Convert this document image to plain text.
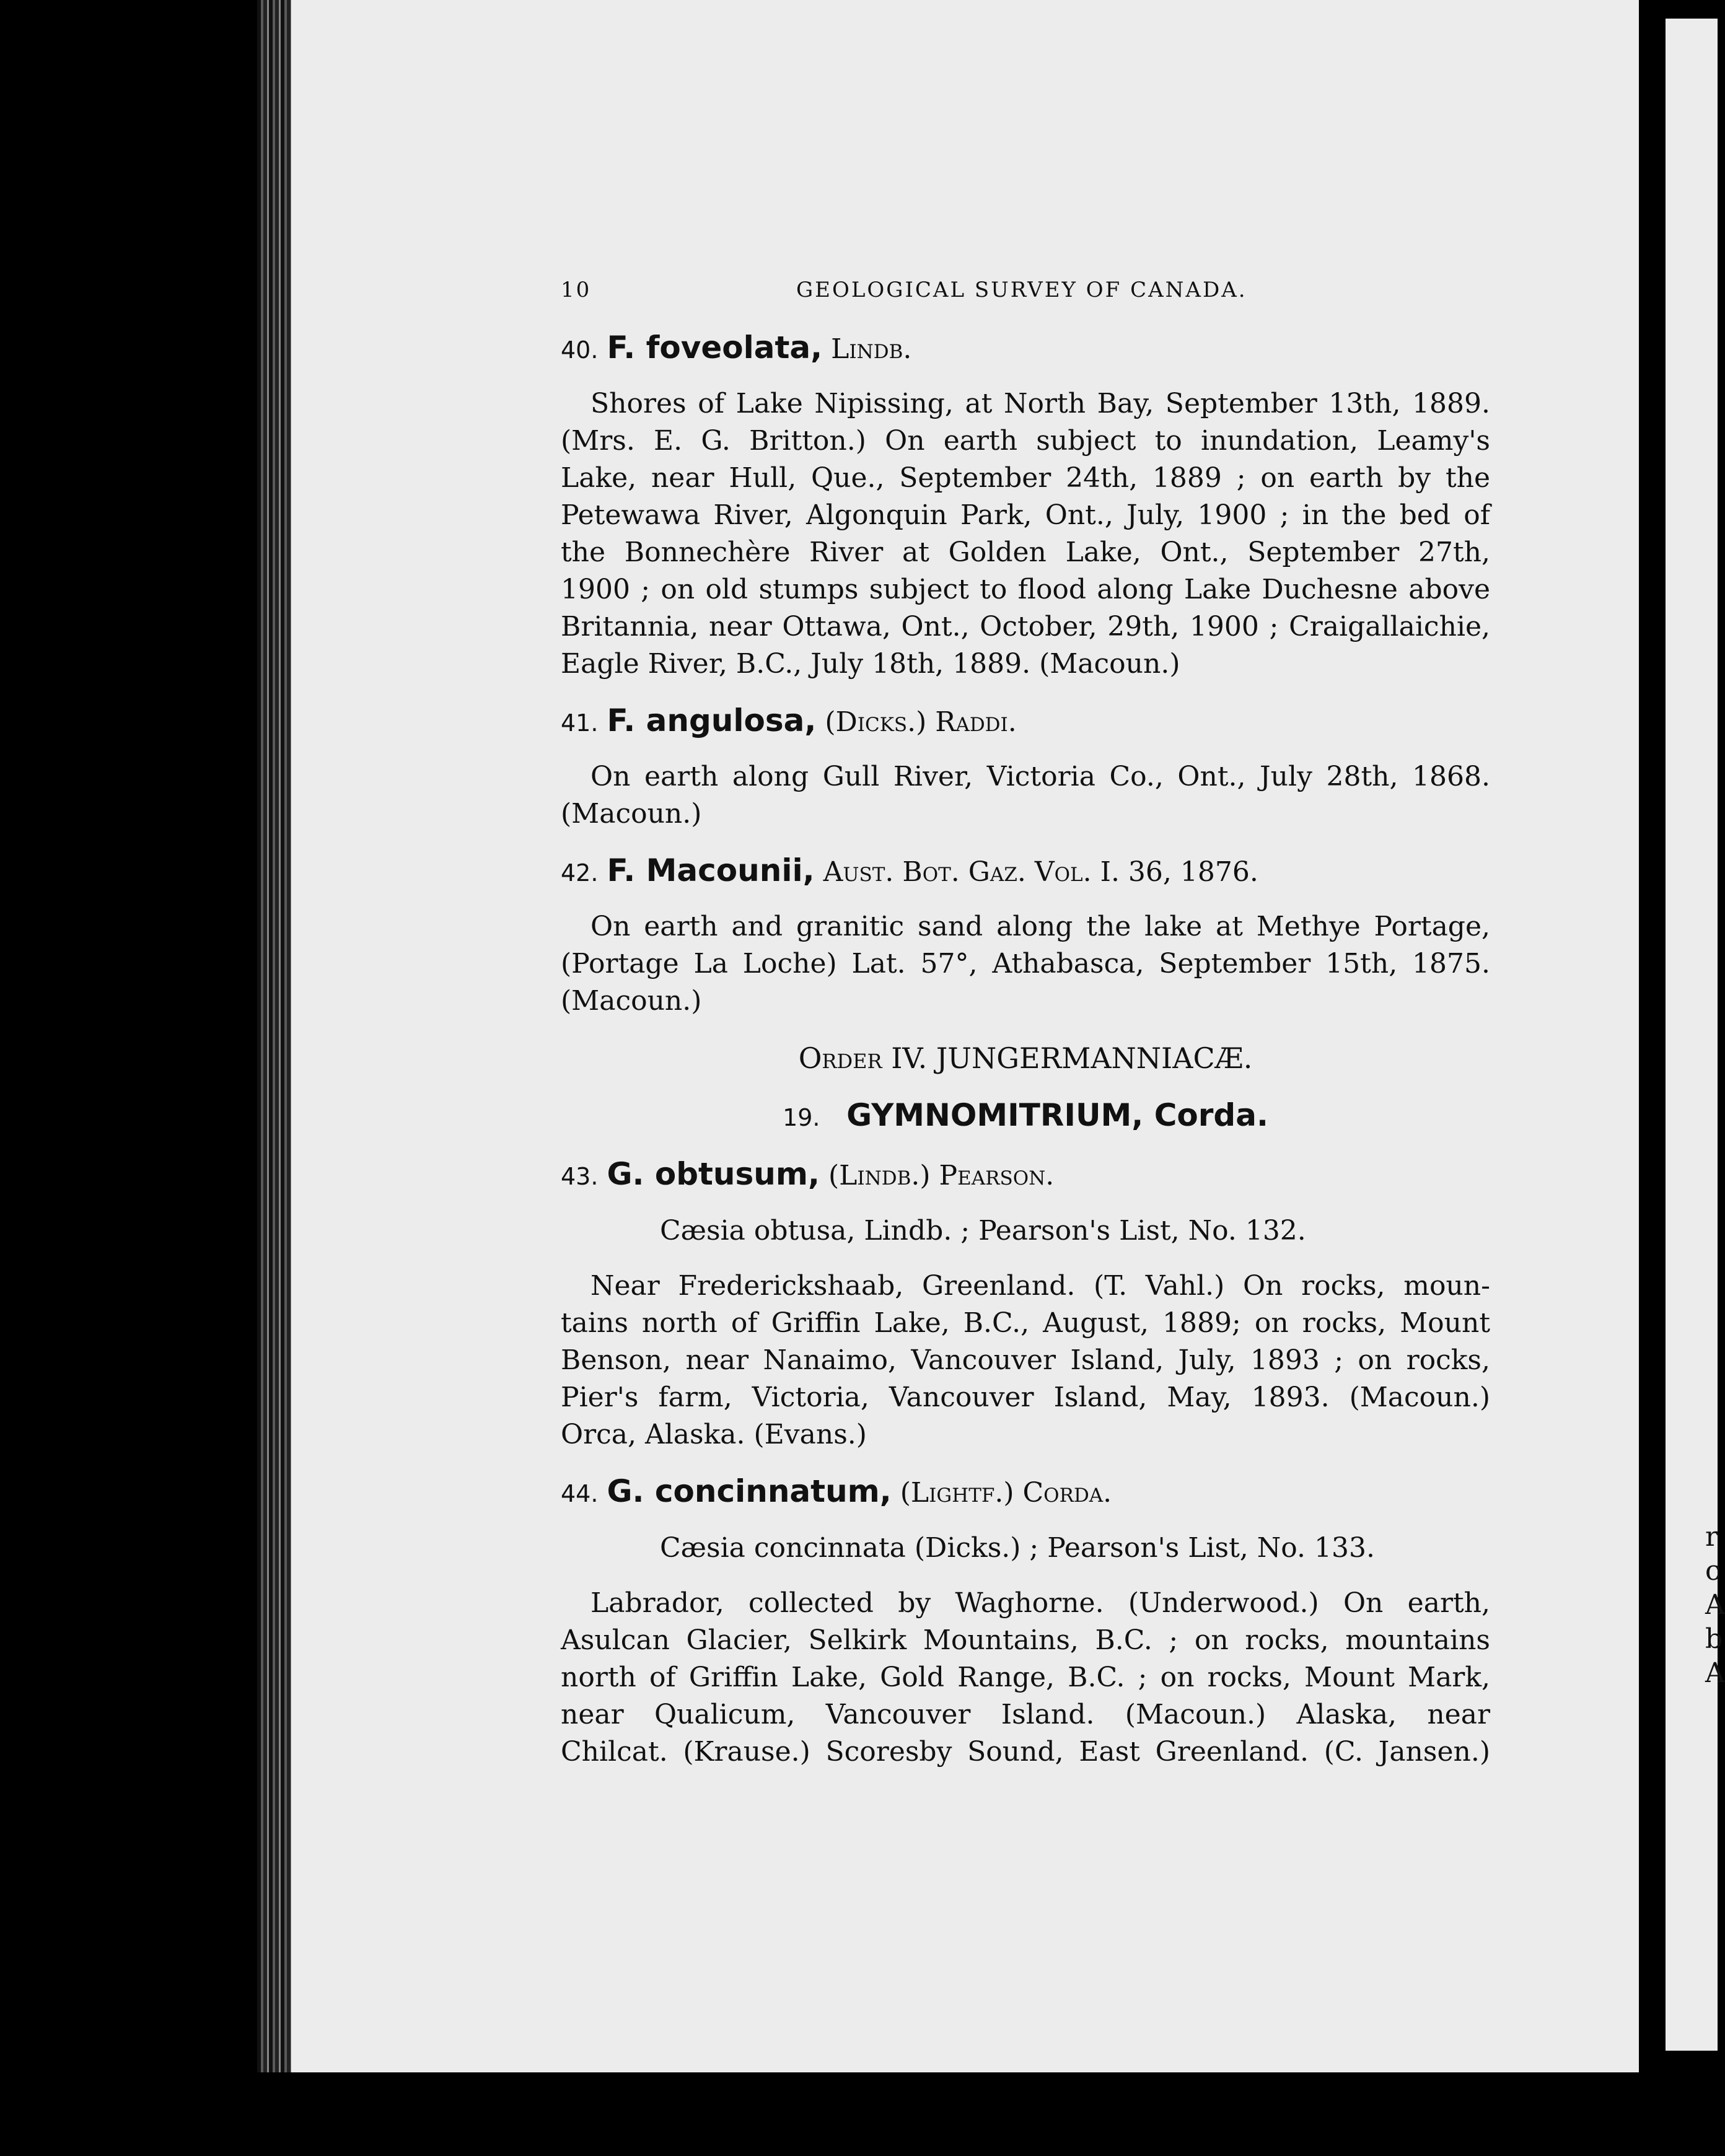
r
c
A
b
A
10	GEOLOGICAL SURVEY OF CANADA.
40. F. foveolata, Lindb.
Shores of Lake Nipissing, at North Bay, September 13th, 1889.
(Mrs. E. G. Britton.) On earth subject to inundation, Leamy's
Lake, near Hull, Que., September 24th, 1889 ; on earth by the
Petewawa River, Algonquin Park, Ont., July, 1900 ; in the bed of
the Bonnechère River at Golden Lake, Ont., September 27th,
1900 ; on old stumps subject to flood along Lake Duchesne above
Britannia, near Ottawa, Ont., October, 29th, 1900 ; Craigallaichie,
Eagle River, B.C., July 18th, 1889. (Macoun.)
41. F. angulosa, (Dicks.) Raddi.
On earth along Gull River, Victoria Co., Ont., July 28th, 1868.
(Macoun.)
42. F. Macounii, Aust. Bot. Gaz. Vol. I. 36, 1876.
On earth and granitic sand along the lake at Methye Portage,
(Portage La Loche) Lat. 57°, Athabasca, September 15th, 1875.
(Macoun.)
Order IV. JUNGERMANNIACÆ.
19. GYMNOMITRIUM, Corda.
43. G. obtusum, (Lindb.) Pearson.
Cæsia obtusa, Lindb. ; Pearson's List, No. 132.
Near Frederickshaab, Greenland. (T. Vahl.) On rocks, moun-
tains north of Griffin Lake, B.C., August, 1889; on rocks, Mount
Benson, near Nanaimo, Vancouver Island, July, 1893 ; on rocks,
Pier's farm, Victoria, Vancouver Island, May, 1893. (Macoun.)
Orca, Alaska. (Evans.)
44. G. concinnatum, (Lightf.) Corda.
Cæsia concinnata (Dicks.) ; Pearson's List, No. 133.
Labrador, collected by Waghorne. (Underwood.) On earth,
Asulcan Glacier, Selkirk Mountains, B.C. ; on rocks, mountains
north of Griffin Lake, Gold Range, B.C. ; on rocks, Mount Mark,
near Qualicum, Vancouver Island. (Macoun.) Alaska, near
Chilcat. (Krause.) Scoresby Sound, East Greenland. (C. Jansen.)
